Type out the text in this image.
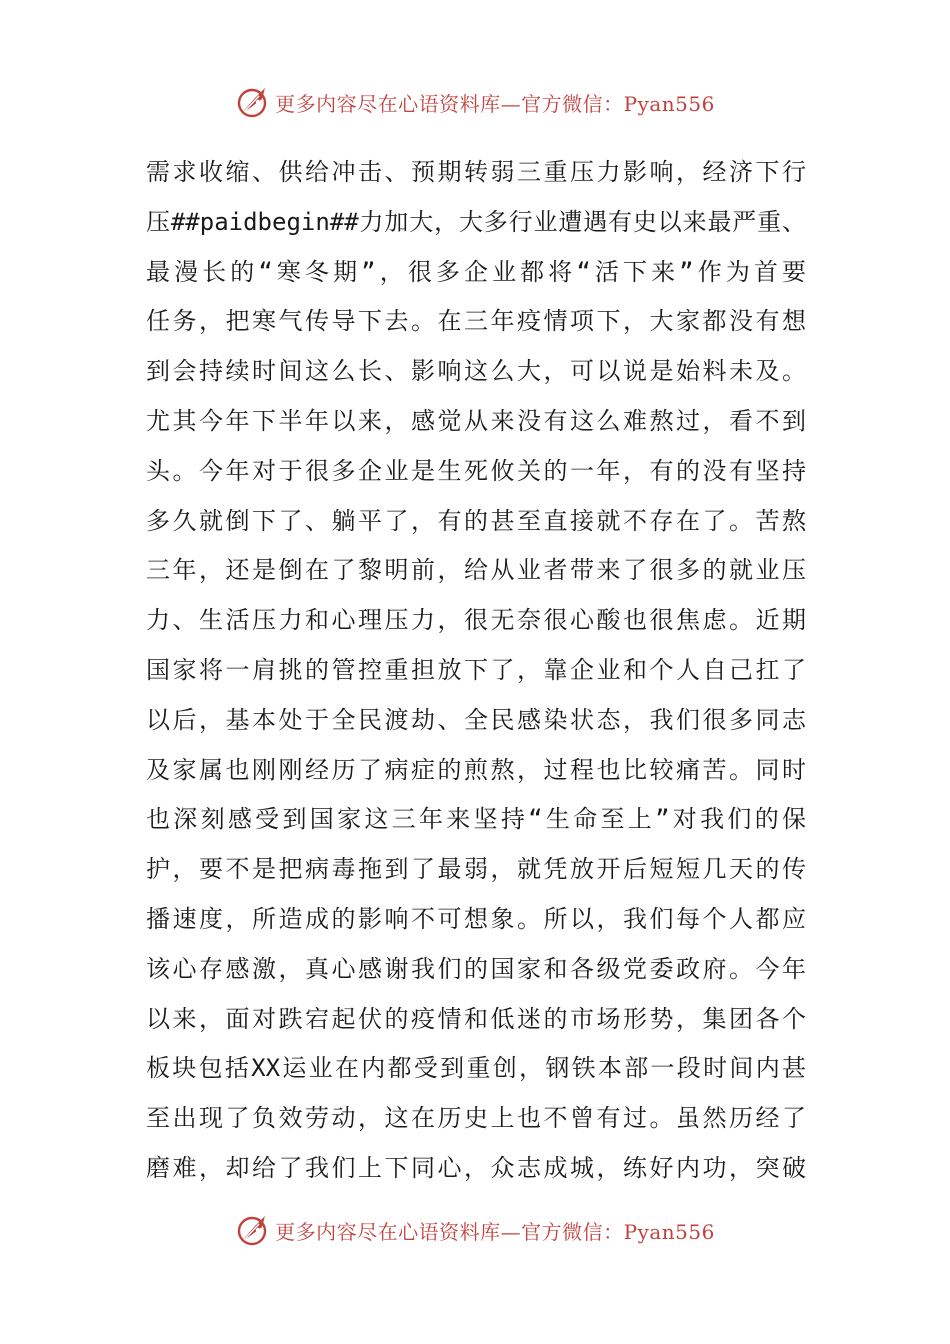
更多内容尽在心语资料库—官方微信：Pyan556
需求收缩、供给冲击、预期转弱三重压力影响，经济下行
压##paidbegin##力加大，大多行业遭遇有史以来最严重、
最漫长的“寒冬期”，很多企业都将“活下来”作为首要
任务，把寒气传导下去。在三年疫情项下，大家都没有想
到会持续时间这么长、影响这么大，可以说是始料未及。
尤其今年下半年以来，感觉从来没有这么难熬过，看不到
头。今年对于很多企业是生死攸关的一年，有的没有坚持
多久就倒下了、躺平了，有的甚至直接就不存在了。苦熬
三年，还是倒在了黎明前，给从业者带来了很多的就业压
力、生活压力和心理压力，很无奈很心酸也很焦虑。近期
国家将一肩挑的管控重担放下了，靠企业和个人自己扛了
以后，基本处于全民渡劫、全民感染状态，我们很多同志
及家属也刚刚经历了病症的煎熬，过程也比较痛苦。同时
也深刻感受到国家这三年来坚持“生命至上”对我们的保
护，要不是把病毒拖到了最弱，就凭放开后短短几天的传
播速度，所造成的影响不可想象。所以，我们每个人都应
该心存感激，真心感谢我们的国家和各级党委政府。今年
以来，面对跌宕起伏的疫情和低迷的市场形势，集团各个
板块包括XX运业在内都受到重创，钢铁本部一段时间内甚
至出现了负效劳动，这在历史上也不曾有过。虽然历经了
磨难，却给了我们上下同心，众志成城，练好内功，突破
更多内容尽在心语资料库—官方微信：Pyan556
